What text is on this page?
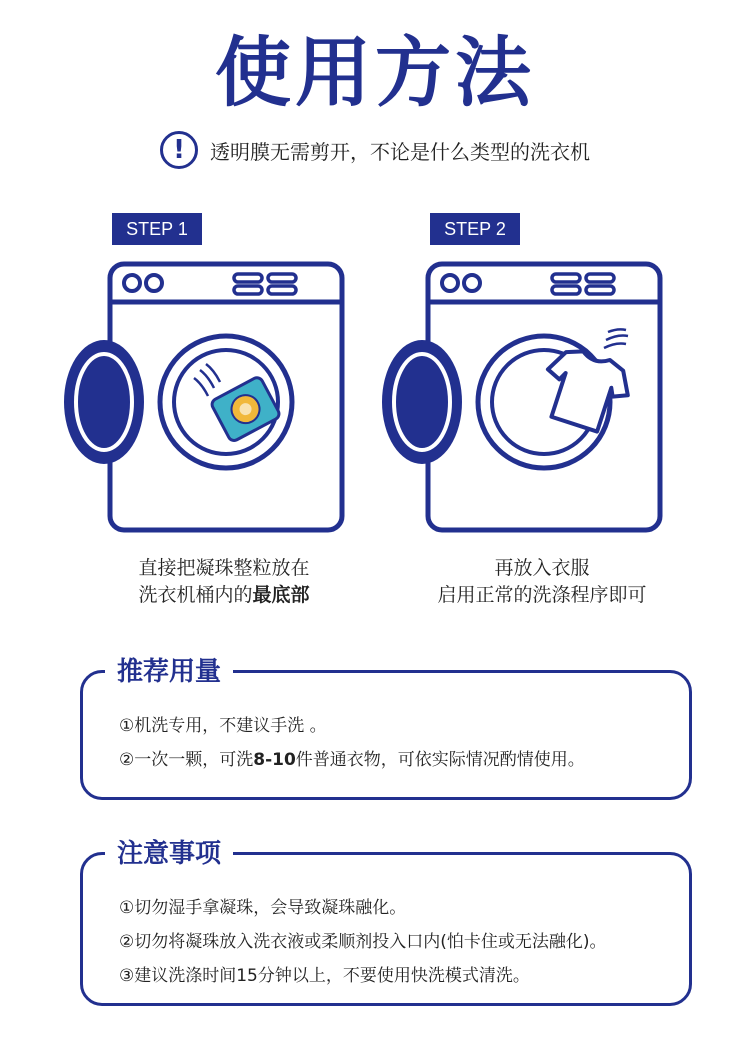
使用方法
!	透明膜无需剪开，不论是什么类型的洗衣机
STEP 1
直接把凝珠整粒放在
洗衣机桶内的最底部
STEP 2
再放入衣服
启用正常的洗涤程序即可
推荐用量
①机洗专用，不建议手洗 。
②一次一颗，可洗8-10件普通衣物，可依实际情况酌情使用。
注意事项
①切勿湿手拿凝珠，会导致凝珠融化。
②切勿将凝珠放入洗衣液或柔顺剂投入口内(怕卡住或无法融化)。
③建议洗涤时间15分钟以上，不要使用快洗模式清洗。
